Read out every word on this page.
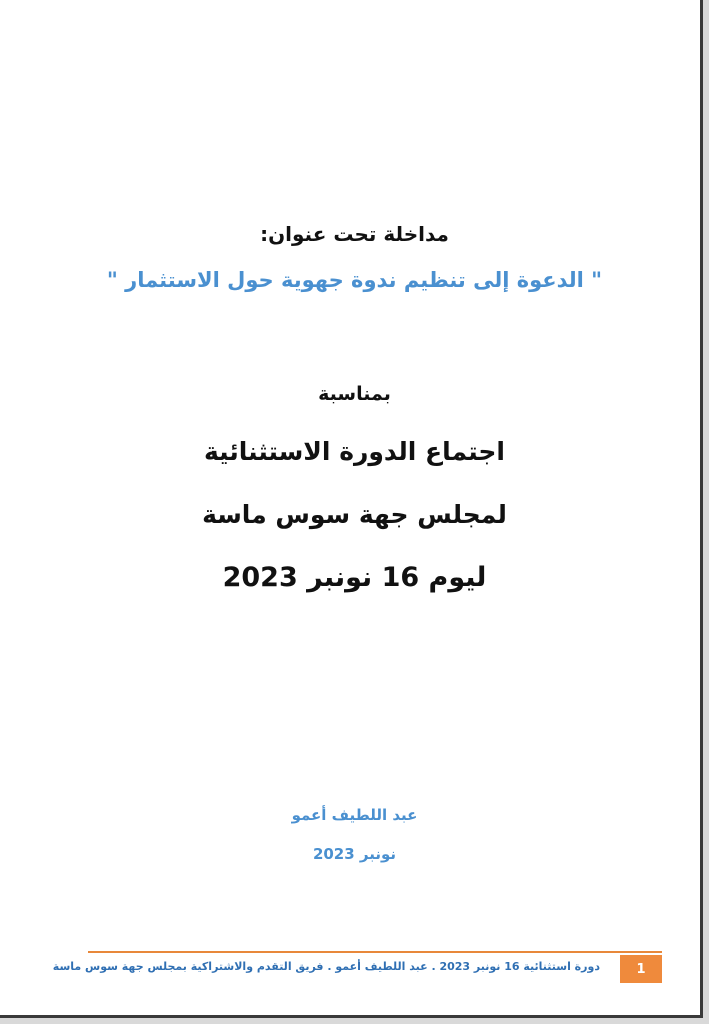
مداخلة تحت عنوان:
" الدعوة إلى تنظيم ندوة جهوية حول الاستثمار "
بمناسبة
اجتماع الدورة الاستثنائية
لمجلس جهة سوس ماسة
ليوم 16 نونبر 2023
عبد اللطيف أعمو
نونبر 2023
دورة استثنائية 16 نونبر 2023 . عبد اللطيف أعمو . فريق التقدم والاشتراكية بمجلس جهة سوس ماسة	1
